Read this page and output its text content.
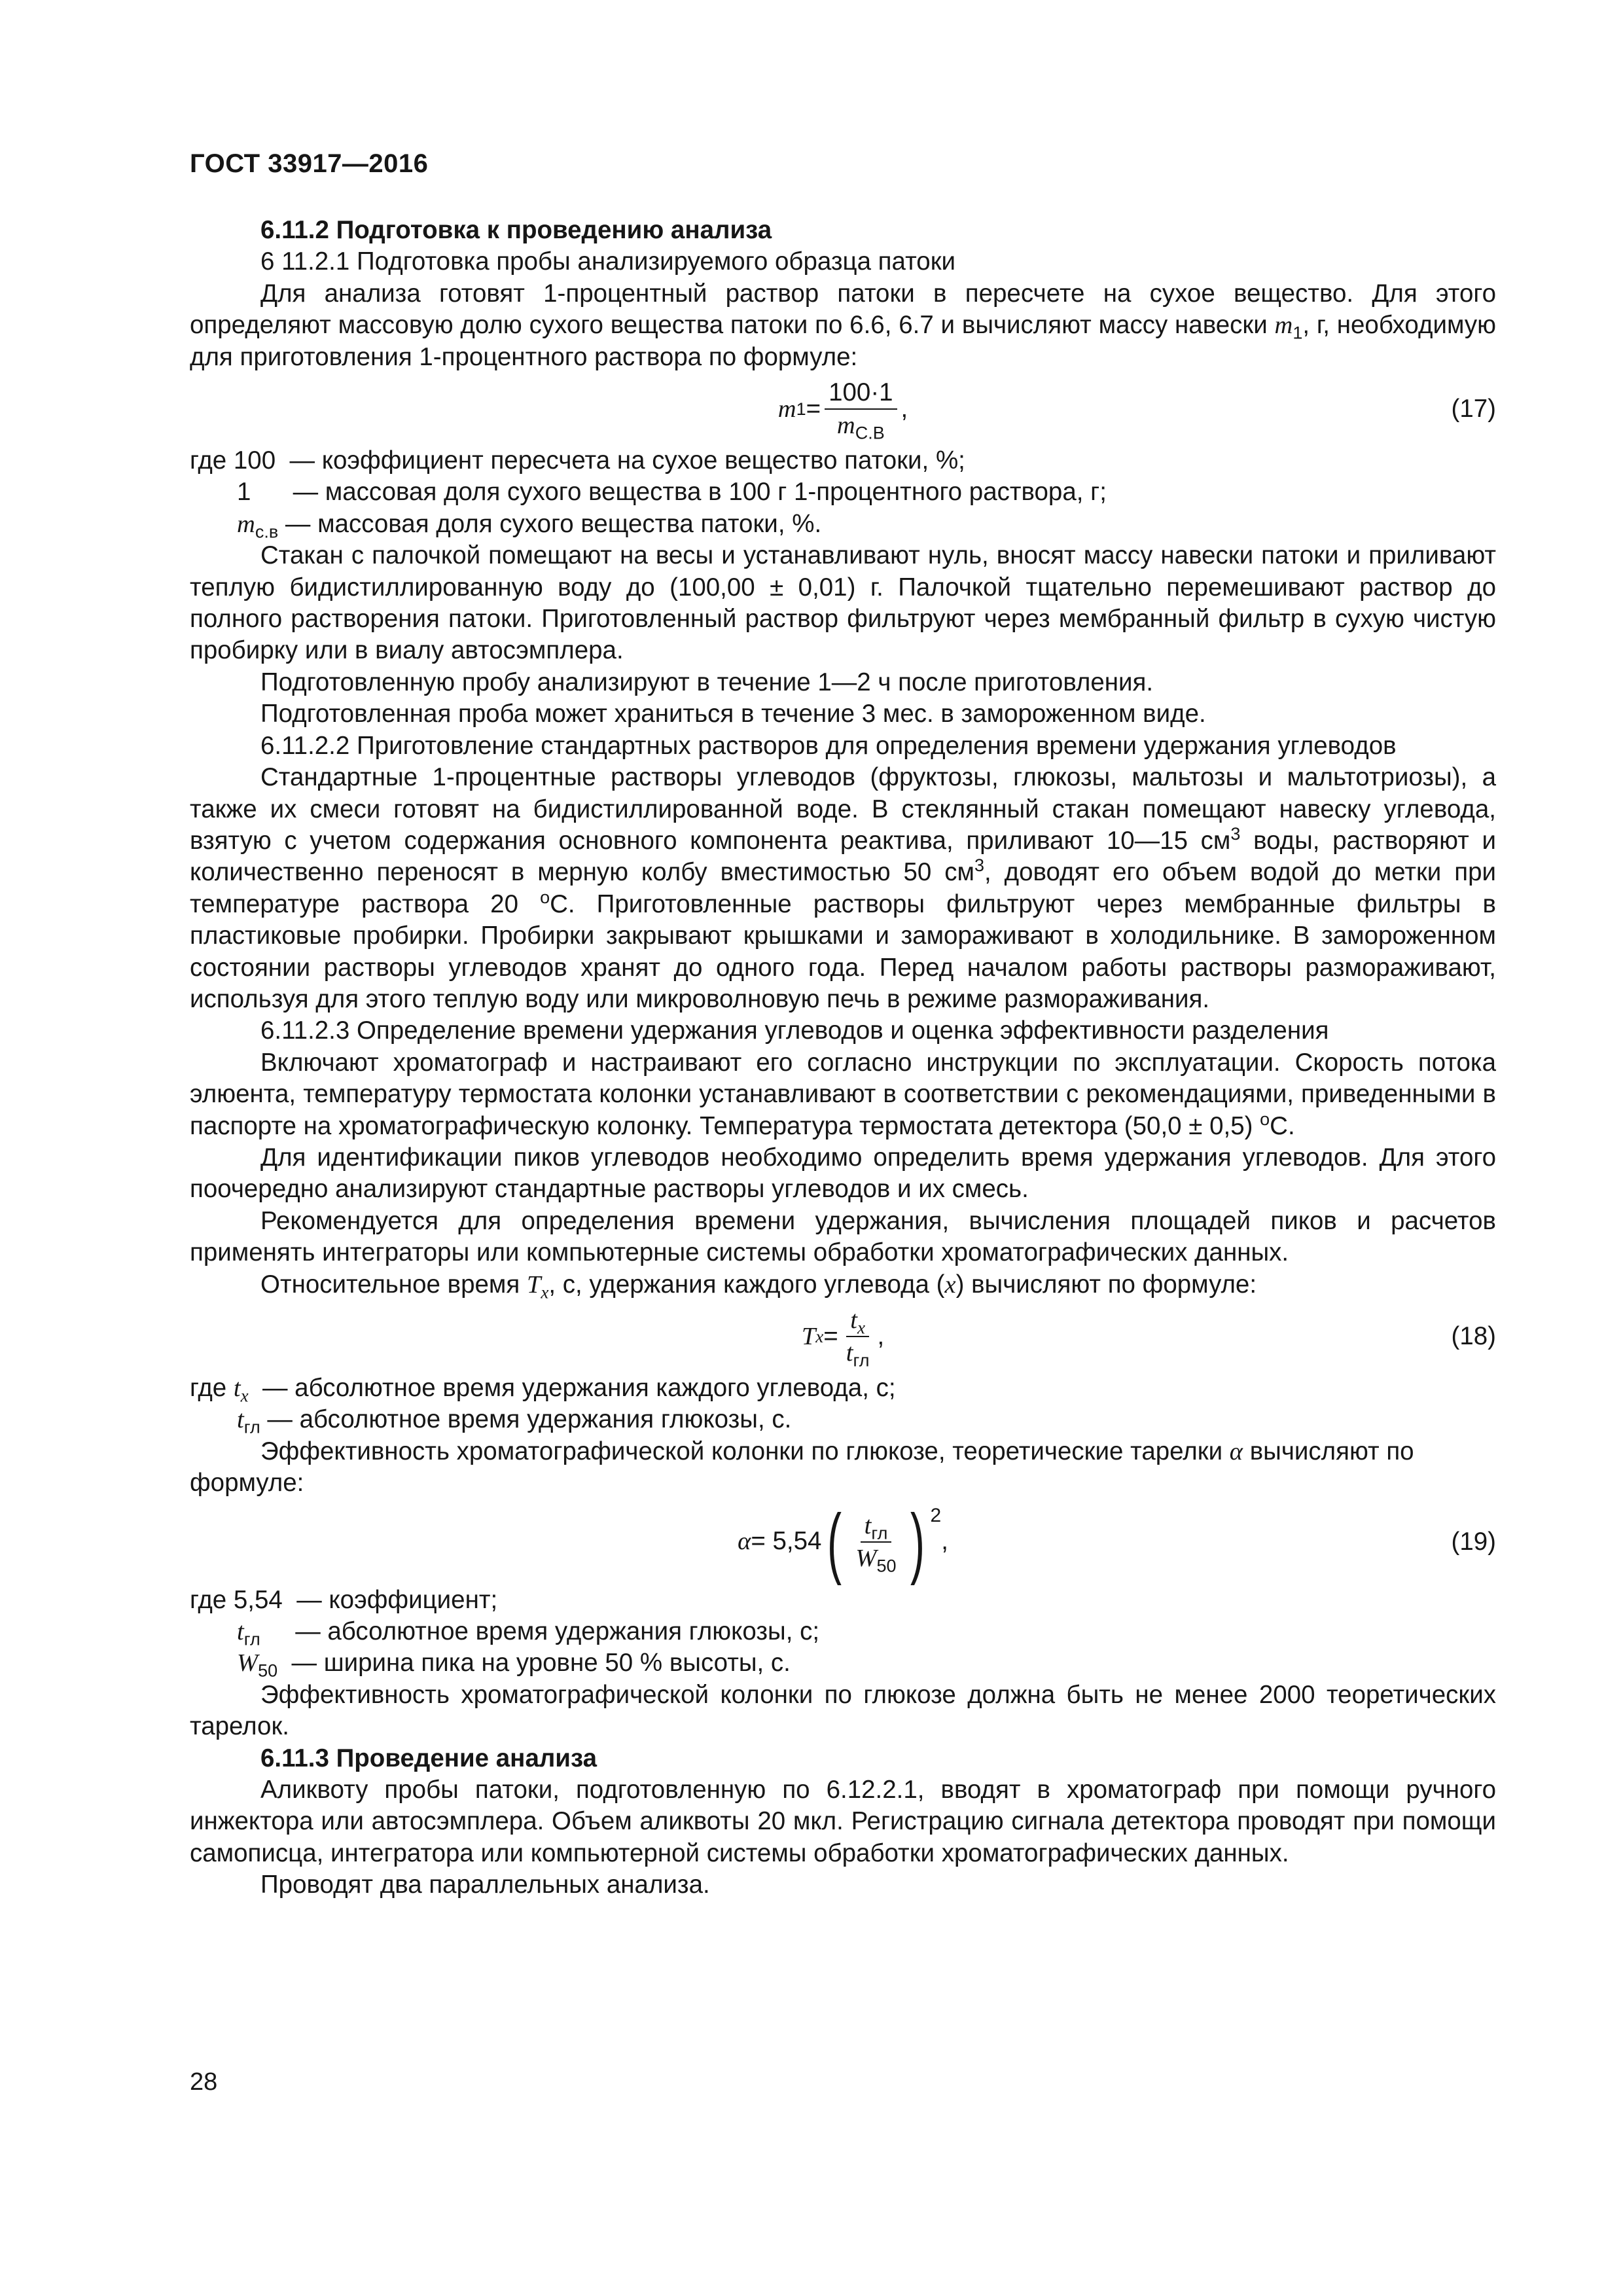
ГОСТ 33917—2016

6.11.2 Подготовка к проведению анализа

6 11.2.1 Подготовка пробы анализируемого образца патоки

Для анализа готовят 1-процентный раствор патоки в пересчете на сухое вещество. Для этого определяют массовую долю сухого вещества патоки по 6.6, 6.7 и вычисляют массу навески $m_1$, г, необходимую для приготовления 1-процентного раствора по формуле:

m $1 = \frac{100\cdot 1}{m_{С.В}}$ ,	(17)

где 100  — коэффициент пересчета на сухое вещество патоки, %;

1      — массовая доля сухого вещества в 100 г 1-процентного раствора, г;

$m_{с.в}$ — массовая доля сухого вещества патоки, %.

Стакан с палочкой помещают на весы и устанавливают нуль, вносят массу навески патоки и приливают теплую бидистиллированную воду до (100,00 ± 0,01) г. Палочкой тщательно перемешивают раствор до полного растворения патоки. Приготовленный раствор фильтруют через мембранный фильтр в сухую чистую пробирку или в виалу автосэмплера.

Подготовленную пробу анализируют в течение 1—2 ч после приготовления.

Подготовленная проба может храниться в течение 3 мес. в замороженном виде.

6.11.2.2 Приготовление стандартных растворов для определения времени удержания углеводов

Стандартные 1-процентные растворы углеводов (фруктозы, глюкозы, мальтозы и мальтотриозы), а также их смеси готовят на бидистиллированной воде. В стеклянный стакан помещают навеску углевода, взятую с учетом содержания основного компонента реактива, приливают 10—15 $см^3$ воды, растворяют и количественно переносят в мерную колбу вместимостью 50 $см^3$, доводят его объем водой до метки при температуре раствора 20 $^о$С. Приготовленные растворы фильтруют через мембранные фильтры в пластиковые пробирки. Пробирки закрывают крышками и замораживают в холодильнике. В замороженном состоянии растворы углеводов хранят до одного года. Перед началом работы растворы размораживают, используя для этого теплую воду или микроволновую печь в режиме размораживания.

6.11.2.3 Определение времени удержания углеводов и оценка эффективности разделения

Включают хроматограф и настраивают его согласно инструкции по эксплуатации. Скорость потока элюента, температуру термостата колонки устанавливают в соответствии с рекомендациями, приведенными в паспорте на хроматографическую колонку. Температура термостата детектора (50,0 ± 0,5) $^о$С.

Для идентификации пиков углеводов необходимо определить время удержания углеводов. Для этого поочередно анализируют стандартные растворы углеводов и их смесь.

Рекомендуется для определения времени удержания, вычисления площадей пиков и расчетов применять интеграторы или компьютерные системы обработки хроматографических данных.

Относительное время $T_x$, с, удержания каждого углевода (x) вычисляют по формуле:

T $x = \frac{t_x}{t_{гл}}$ ,	(18)

где $t_x$  — абсолютное время удержания каждого углевода, с;

$t_{гл}$ — абсолютное время удержания глюкозы, с.

Эффективность хроматографической колонки по глюкозе, теоретические тарелки α вычисляют по формуле:

α = 5,54 ( $\frac{t_{гл}}{W_{50}}$ ) $^2$
,	(19)

где 5,54  — коэффициент;

$t_{гл}$     — абсолютное время удержания глюкозы, с;

$W_{50}$  — ширина пика на уровне 50 % высоты, с.

Эффективность хроматографической колонки по глюкозе должна быть не менее 2000 теоретических тарелок.

6.11.3 Проведение анализа

Аликвоту пробы патоки, подготовленную по 6.12.2.1, вводят в хроматограф при помощи ручного инжектора или автосэмплера. Объем аликвоты 20 мкл. Регистрацию сигнала детектора проводят при помощи самописца, интегратора или компьютерной системы обработки хроматографических данных.

Проводят два параллельных анализа.

28
